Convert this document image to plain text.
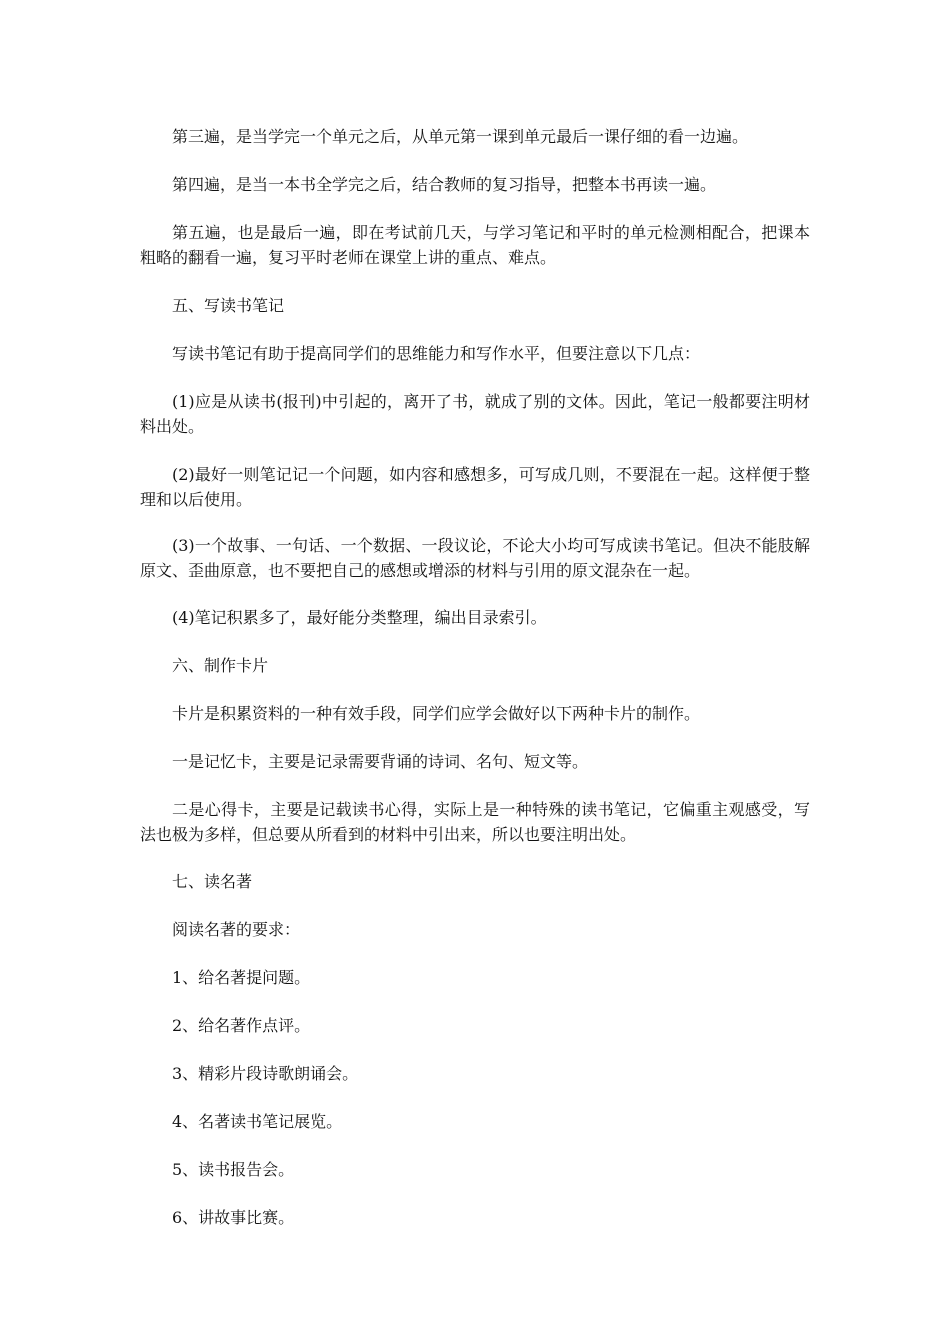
第三遍，是当学完一个单元之后，从单元第一课到单元最后一课仔细的看一边遍。

第四遍，是当一本书全学完之后，结合教师的复习指导，把整本书再读一遍。

第五遍，也是最后一遍，即在考试前几天，与学习笔记和平时的单元检测相配合，把课本粗略的翻看一遍，复习平时老师在课堂上讲的重点、难点。

五、写读书笔记

写读书笔记有助于提高同学们的思维能力和写作水平，但要注意以下几点：

(1)应是从读书(报刊)中引起的，离开了书，就成了别的文体。因此，笔记一般都要注明材料出处。

(2)最好一则笔记记一个问题，如内容和感想多，可写成几则，不要混在一起。这样便于整理和以后使用。

(3)一个故事、一句话、一个数据、一段议论，不论大小均可写成读书笔记。但决不能肢解原文、歪曲原意，也不要把自己的感想或增添的材料与引用的原文混杂在一起。

(4)笔记积累多了，最好能分类整理，编出目录索引。

六、制作卡片

卡片是积累资料的一种有效手段，同学们应学会做好以下两种卡片的制作。

一是记忆卡，主要是记录需要背诵的诗词、名句、短文等。

二是心得卡，主要是记载读书心得，实际上是一种特殊的读书笔记，它偏重主观感受，写法也极为多样，但总要从所看到的材料中引出来，所以也要注明出处。

七、读名著

阅读名著的要求：

1、给名著提问题。

2、给名著作点评。

3、精彩片段诗歌朗诵会。

4、名著读书笔记展览。

5、读书报告会。

6、讲故事比赛。
